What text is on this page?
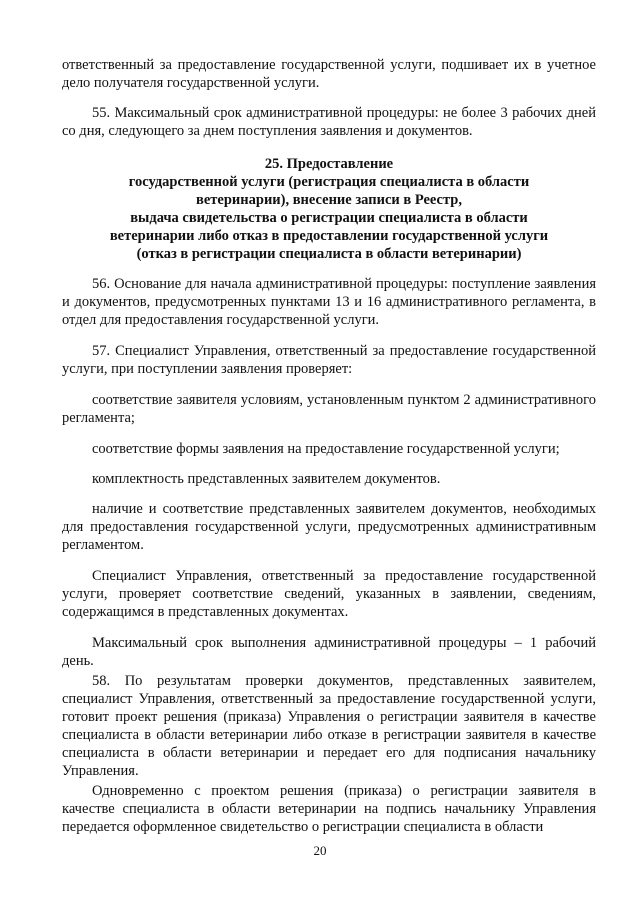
ответственный за предоставление государственной услуги, подшивает их в учетное дело получателя государственной услуги.

55. Максимальный срок административной процедуры: не более 3 рабочих дней со дня, следующего за днем поступления заявления и документов.

25. Предоставление
государственной услуги (регистрация специалиста в области
ветеринарии), внесение записи в Реестр,
выдача свидетельства о регистрации специалиста в области
ветеринарии либо отказ в предоставлении государственной услуги
(отказ в регистрации специалиста в области ветеринарии)

56. Основание для начала административной процедуры: поступление заявления и документов, предусмотренных пунктами 13 и 16 административного регламента, в отдел для предоставления государственной услуги.

57. Специалист Управления, ответственный за предоставление государственной услуги, при поступлении заявления проверяет:

соответствие заявителя условиям, установленным пунктом 2 административного регламента;

соответствие формы заявления на предоставление государственной услуги;

комплектность представленных заявителем документов.

наличие и соответствие представленных заявителем документов, необходимых для предоставления государственной услуги, предусмотренных административным регламентом.

Специалист Управления, ответственный за предоставление государственной услуги, проверяет соответствие сведений, указанных в заявлении, сведениям, содержащимся в представленных документах.

Максимальный срок выполнения административной процедуры – 1 рабочий день.

58. По результатам проверки документов, представленных заявителем, специалист Управления, ответственный за предоставление государственной услуги, готовит проект решения (приказа) Управления о регистрации заявителя в качестве специалиста в области ветеринарии либо отказе в регистрации заявителя в качестве специалиста в области ветеринарии и передает его для подписания начальнику Управления.

Одновременно с проектом решения (приказа) о регистрации заявителя в качестве специалиста в области ветеринарии на подпись начальнику Управления передается оформленное свидетельство о регистрации специалиста в области

20
